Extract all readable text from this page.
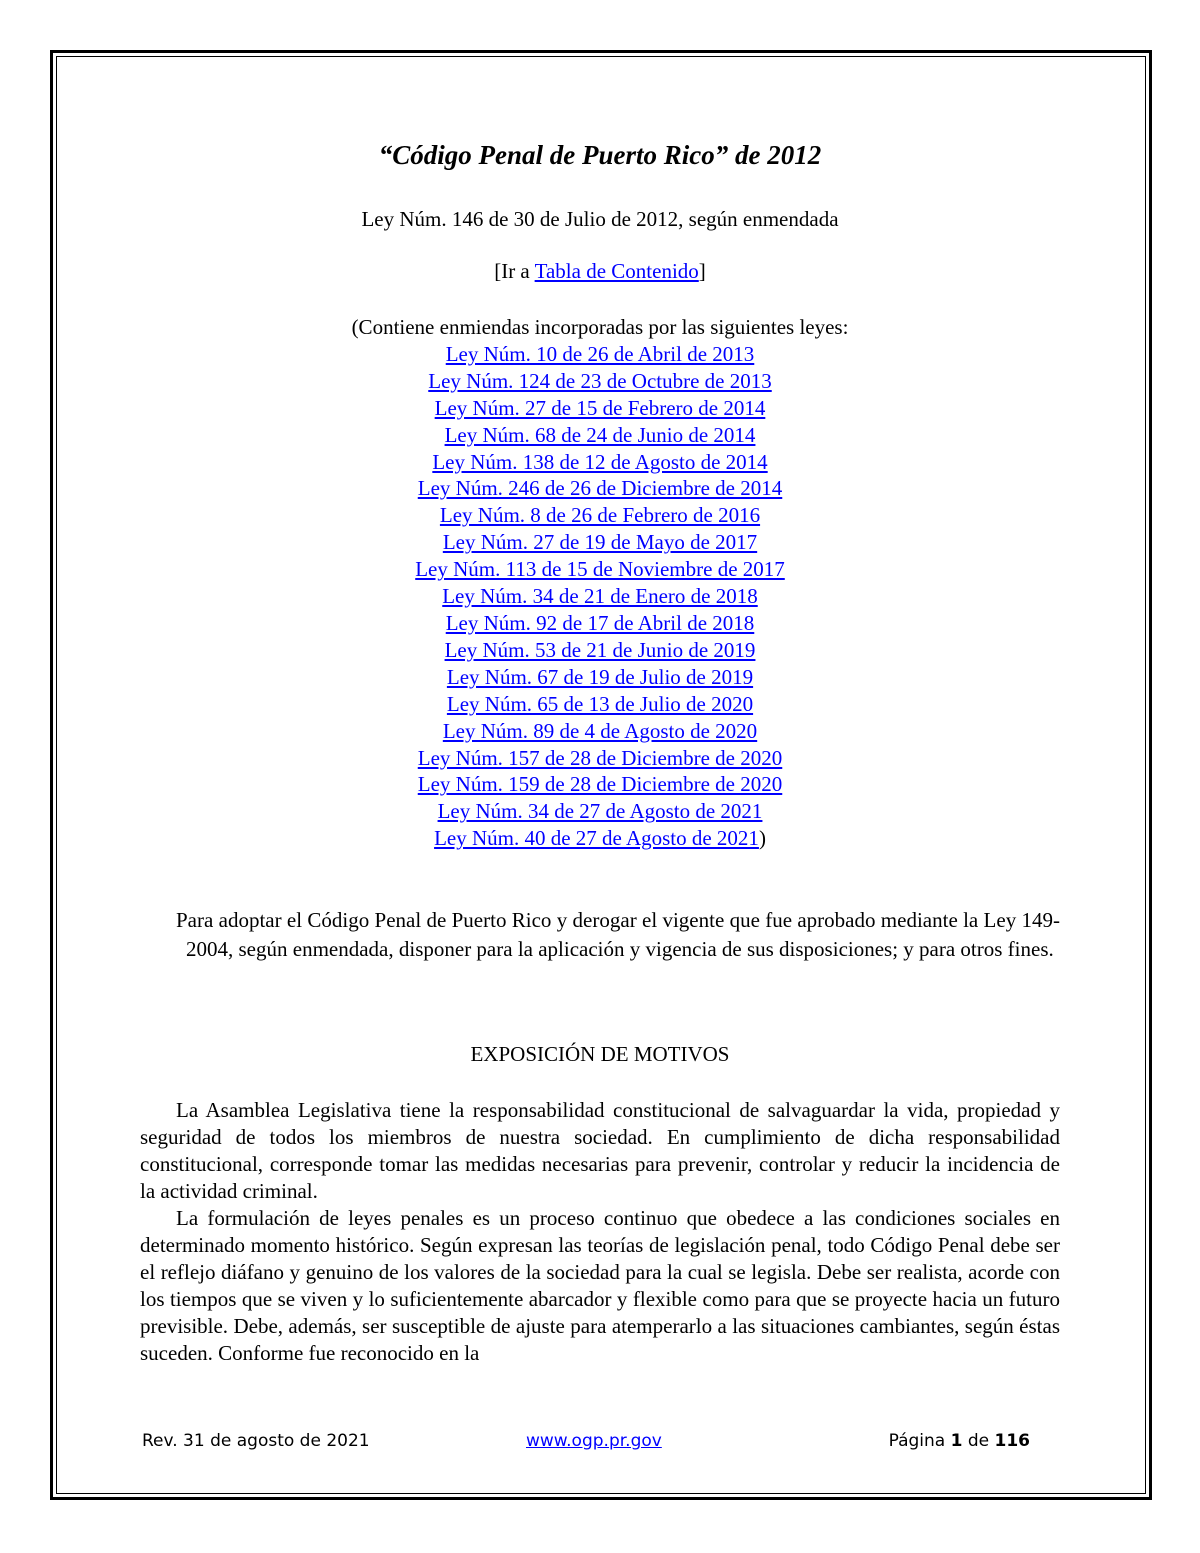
“Código Penal de Puerto Rico” de 2012
Ley Núm. 146 de 30 de Julio de 2012, según enmendada
[Ir a Tabla de Contenido]
(Contiene enmiendas incorporadas por las siguientes leyes:
Ley Núm. 10 de 26 de Abril de 2013
Ley Núm. 124 de 23 de Octubre de 2013
Ley Núm. 27 de 15 de Febrero de 2014
Ley Núm. 68 de 24 de Junio de 2014
Ley Núm. 138 de 12 de Agosto de 2014
Ley Núm. 246 de 26 de Diciembre de 2014
Ley Núm. 8 de 26 de Febrero de 2016
Ley Núm. 27 de 19 de Mayo de 2017
Ley Núm. 113 de 15 de Noviembre de 2017
Ley Núm. 34 de 21 de Enero de 2018
Ley Núm. 92 de 17 de Abril de 2018
Ley Núm. 53 de 21 de Junio de 2019
Ley Núm. 67 de 19 de Julio de 2019
Ley Núm. 65 de 13 de Julio de 2020
Ley Núm. 89 de 4 de Agosto de 2020
Ley Núm. 157 de 28 de Diciembre de 2020
Ley Núm. 159 de 28 de Diciembre de 2020
Ley Núm. 34 de 27 de Agosto de 2021
Ley Núm. 40 de 27 de Agosto de 2021)
Para adoptar el Código Penal de Puerto Rico y derogar el vigente que fue aprobado mediante la Ley 149-2004, según enmendada, disponer para la aplicación y vigencia de sus disposiciones; y para otros fines.
EXPOSICIÓN DE MOTIVOS
La Asamblea Legislativa tiene la responsabilidad constitucional de salvaguardar la vida, propiedad y seguridad de todos los miembros de nuestra sociedad. En cumplimiento de dicha responsabilidad constitucional, corresponde tomar las medidas necesarias para prevenir, controlar y reducir la incidencia de la actividad criminal.
La formulación de leyes penales es un proceso continuo que obedece a las condiciones sociales en determinado momento histórico. Según expresan las teorías de legislación penal, todo Código Penal debe ser el reflejo diáfano y genuino de los valores de la sociedad para la cual se legisla. Debe ser realista, acorde con los tiempos que se viven y lo suficientemente abarcador y flexible como para que se proyecte hacia un futuro previsible. Debe, además, ser susceptible de ajuste para atemperarlo a las situaciones cambiantes, según éstas suceden. Conforme fue reconocido en la
Rev. 31 de agosto de 2021	www.ogp.pr.gov	Página 1 de 116
